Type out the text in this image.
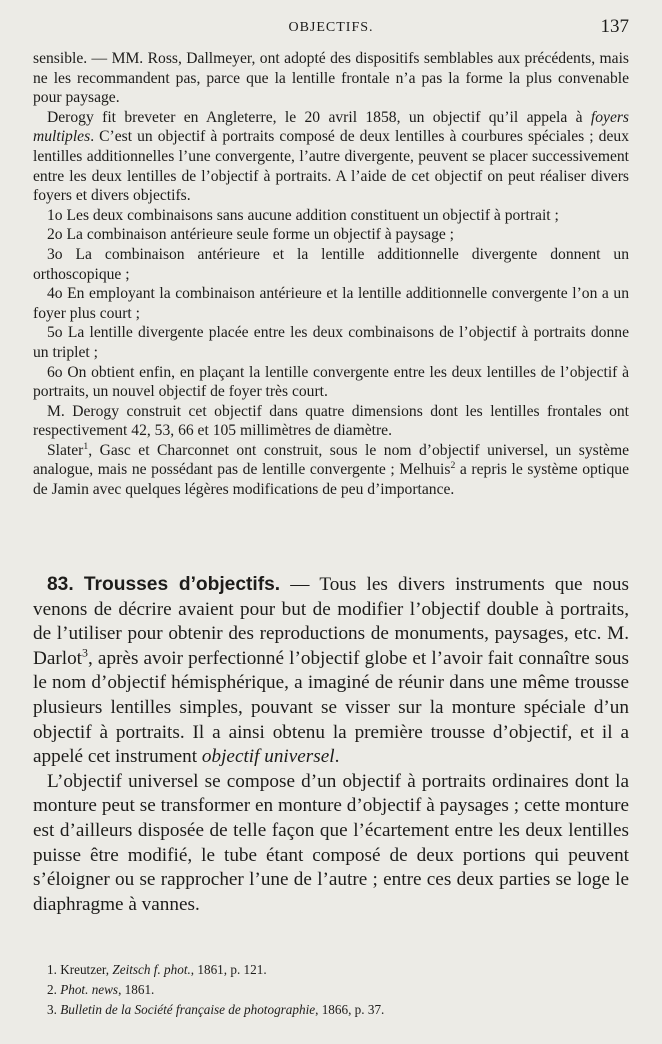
OBJECTIFS.	137

sensible. — MM. Ross, Dallmeyer, ont adopté des dispositifs semblables aux précédents, mais ne les recommandent pas, parce que la lentille frontale n’a pas la forme la plus convenable pour paysage.

Derogy fit breveter en Angleterre, le 20 avril 1858, un objectif qu’il appela à foyers multiples. C’est un objectif à portraits composé de deux lentilles à courbures spéciales ; deux lentilles additionnelles l’une convergente, l’autre divergente, peuvent se placer successivement entre les deux lentilles de l’objectif à portraits. A l’aide de cet objectif on peut réaliser divers foyers et divers objectifs.

1o Les deux combinaisons sans aucune addition constituent un objectif à portrait ;

2o La combinaison antérieure seule forme un objectif à paysage ;

3o La combinaison antérieure et la lentille additionnelle divergente donnent un orthoscopique ;

4o En employant la combinaison antérieure et la lentille additionnelle convergente l’on a un foyer plus court ;

5o La lentille divergente placée entre les deux combinaisons de l’objectif à portraits donne un triplet ;

6o On obtient enfin, en plaçant la lentille convergente entre les deux lentilles de l’objectif à portraits, un nouvel objectif de foyer très court.

M. Derogy construit cet objectif dans quatre dimensions dont les lentilles frontales ont respectivement 42, 53, 66 et 105 millimètres de diamètre.

Slater$^1$, Gasc et Charconnet ont construit, sous le nom d’objectif universel, un système analogue, mais ne possédant pas de lentille convergente ; Melhuis$^2$ a repris le système optique de Jamin avec quelques légères modifications de peu d’importance.

83. Trousses d’objectifs. — Tous les divers instruments que nous venons de décrire avaient pour but de modifier l’objectif double à portraits, de l’utiliser pour obtenir des reproductions de monuments, paysages, etc. M. Darlot$^3$, après avoir perfectionné l’objectif globe et l’avoir fait connaître sous le nom d’objectif hémisphérique, a imaginé de réunir dans une même trousse plusieurs lentilles simples, pouvant se visser sur la monture spéciale d’un objectif à portraits. Il a ainsi obtenu la première trousse d’objectif, et il a appelé cet instrument objectif universel.

L’objectif universel se compose d’un objectif à portraits ordinaires dont la monture peut se transformer en monture d’objectif à paysages ; cette monture est d’ailleurs disposée de telle façon que l’écartement entre les deux lentilles puisse être modifié, le tube étant composé de deux portions qui peuvent s’éloigner ou se rapprocher l’une de l’autre ; entre ces deux parties se loge le diaphragme à vannes.

1. Kreutzer, Zeitsch f. phot., 1861, p. 121.

2. Phot. news, 1861.

3. Bulletin de la Société française de photographie, 1866, p. 37.
